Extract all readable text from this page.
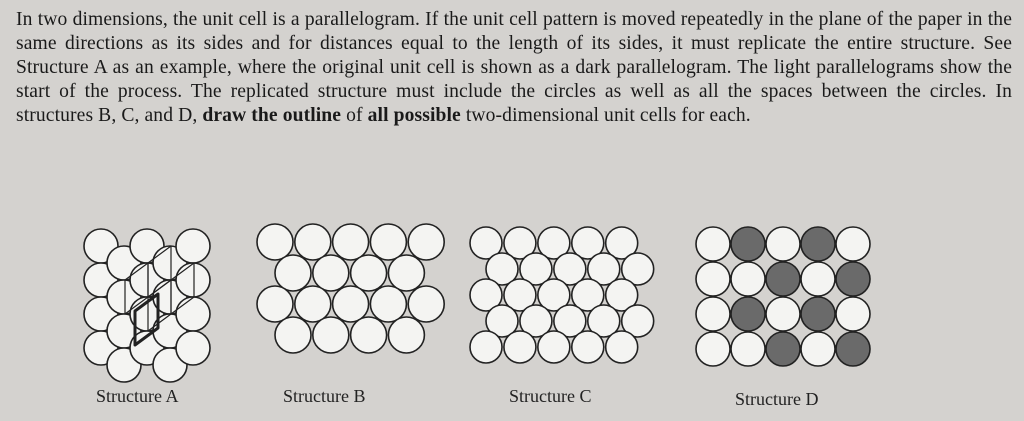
In two dimensions, the unit cell is a parallelogram. If the unit cell pattern is moved repeatedly in the plane of the paper in the same directions as its sides and for distances equal to the length of its sides, it must replicate the entire structure. See Structure A as an example, where the original unit cell is shown as a dark parallelogram. The light parallelograms show the start of the process. The replicated structure must include the circles as well as all the spaces between the circles. In structures B, C, and D, draw the outline of all possible two-dimensional unit cells for each.
Structure A	Structure B	Structure C	Structure D
